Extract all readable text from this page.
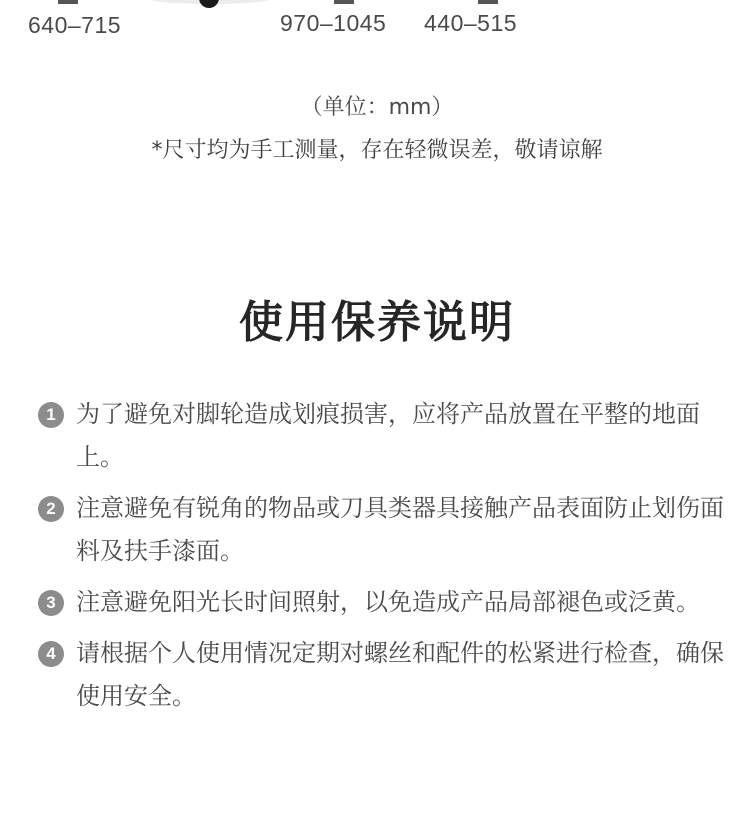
640–715	970–1045 440–515
（单位：mm）
*尺寸均为手工测量，存在轻微误差，敬请谅解
使用保养说明
1 为了避免对脚轮造成划痕损害，应将产品放置在平整的地面上。
2 注意避免有锐角的物品或刀具类器具接触产品表面防止划伤面料及扶手漆面。
3 注意避免阳光长时间照射，以免造成产品局部褪色或泛黄。
4 请根据个人使用情况定期对螺丝和配件的松紧进行检查，确保使用安全。
